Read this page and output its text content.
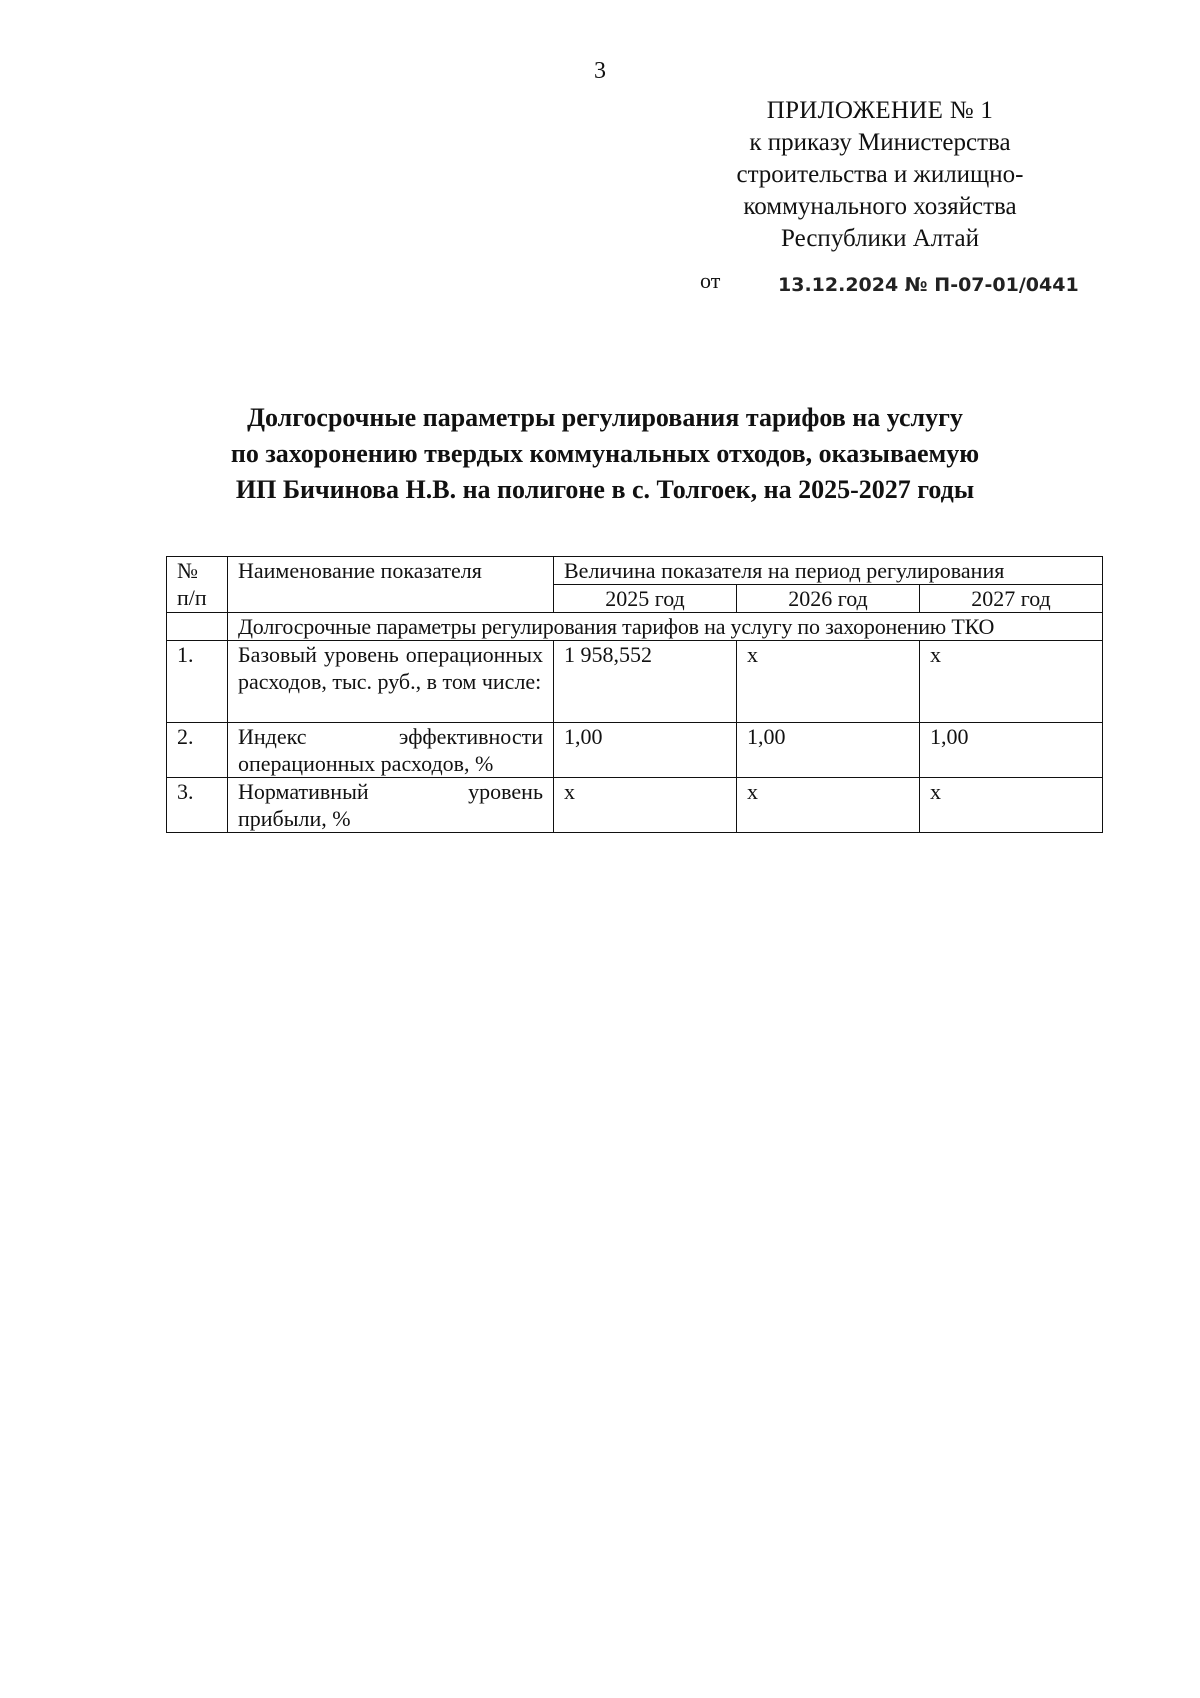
3
ПРИЛОЖЕНИЕ № 1
к приказу Министерства
строительства и жилищно-
коммунального хозяйства
Республики Алтай
от	13.12.2024 № П-07-01/0441
Долгосрочные параметры регулирования тарифов на услугу
по захоронению твердых коммунальных отходов, оказываемую
ИП Бичинова Н.В. на полигоне в с. Толгоек, на 2025-2027 годы
№
п/п	Наименование показателя	Величина показателя на период регулирования		
		2025 год	2026 год	2027 год
	Долгосрочные параметры регулирования тарифов на услугу по захоронению ТКО			
1.	Базовый уровень операционных расходов, тыс. руб., в том числе:	1 958,552	x	x
2.	Индекс эффективности операционных расходов, %	1,00	1,00	1,00
3.	Нормативный уровень прибыли, %	x	x	x
